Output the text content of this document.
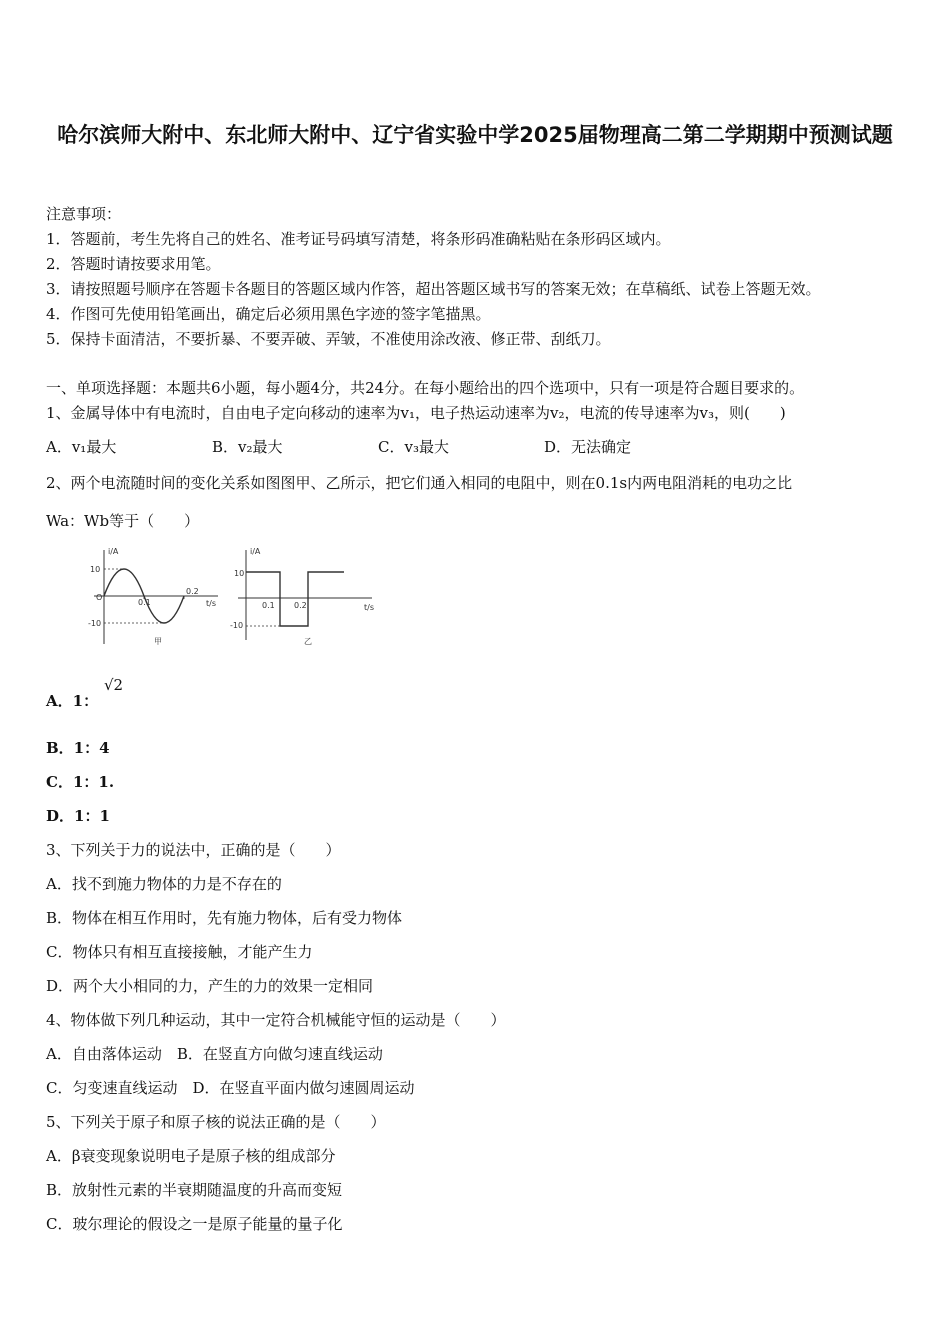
哈尔滨师大附中、东北师大附中、辽宁省实验中学2025届物理高二第二学期期中预测试题
注意事项：
1．答题前，考生先将自己的姓名、准考证号码填写清楚，将条形码准确粘贴在条形码区域内。
2．答题时请按要求用笔。
3．请按照题号顺序在答题卡各题目的答题区域内作答，超出答题区域书写的答案无效；在草稿纸、试卷上答题无效。
4．作图可先使用铅笔画出，确定后必须用黑色字迹的签字笔描黑。
5．保持卡面清洁，不要折暴、不要弄破、弄皱，不准使用涂改液、修正带、刮纸刀。
一、单项选择题：本题共6小题，每小题4分，共24分。在每小题给出的四个选项中，只有一项是符合题目要求的。
1、金属导体中有电流时，自由电子定向移动的速率为v₁，电子热运动速率为v₂，电流的传导速率为v₃，则(　　)
A．v₁最大	B．v₂最大	C．v₃最大	D．无法确定
2、两个电流随时间的变化关系如图图甲、乙所示，把它们通入相同的电阻中，则在0.1s内两电阻消耗的电功之比
Wa：Wb等于（　　）
i/A
t/s
10
-10
O
0.1
0.2
甲
i/A
t/s
10
-10
0.1 0.2
乙
A．1：
√2
B．1：4
C．1：1.
D．1：1
3、下列关于力的说法中，正确的是（　　）
A．找不到施力物体的力是不存在的
B．物体在相互作用时，先有施力物体，后有受力物体
C．物体只有相互直接接触，才能产生力
D．两个大小相同的力，产生的力的效果一定相同
4、物体做下列几种运动，其中一定符合机械能守恒的运动是（　　）
A．自由落体运动　B．在竖直方向做匀速直线运动
C．匀变速直线运动　D．在竖直平面内做匀速圆周运动
5、下列关于原子和原子核的说法正确的是（　　）
A．β衰变现象说明电子是原子核的组成部分
B．放射性元素的半衰期随温度的升高而变短
C．玻尔理论的假设之一是原子能量的量子化
